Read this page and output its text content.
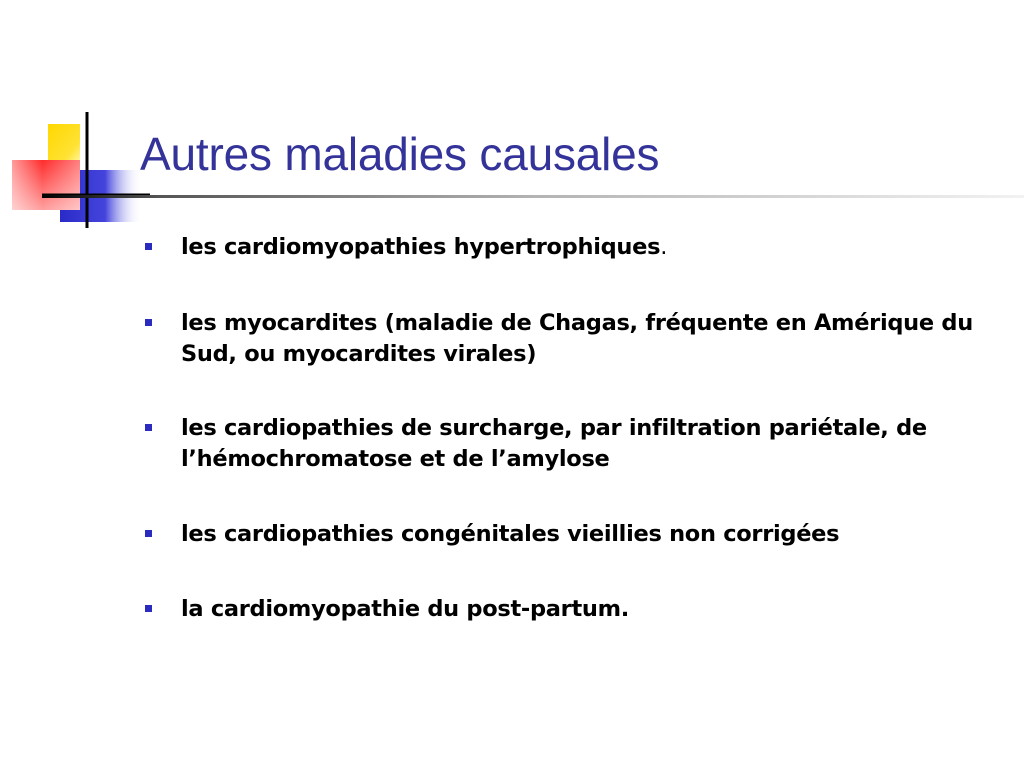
Autres maladies causales
les cardiomyopathies hypertrophiques.
les myocardites (maladie de Chagas, fréquente en Amérique du Sud, ou myocardites virales)
les cardiopathies de surcharge, par infiltration pariétale, de l’hémochromatose et de l’amylose
les cardiopathies congénitales vieillies non corrigées
la cardiomyopathie du post-partum.
